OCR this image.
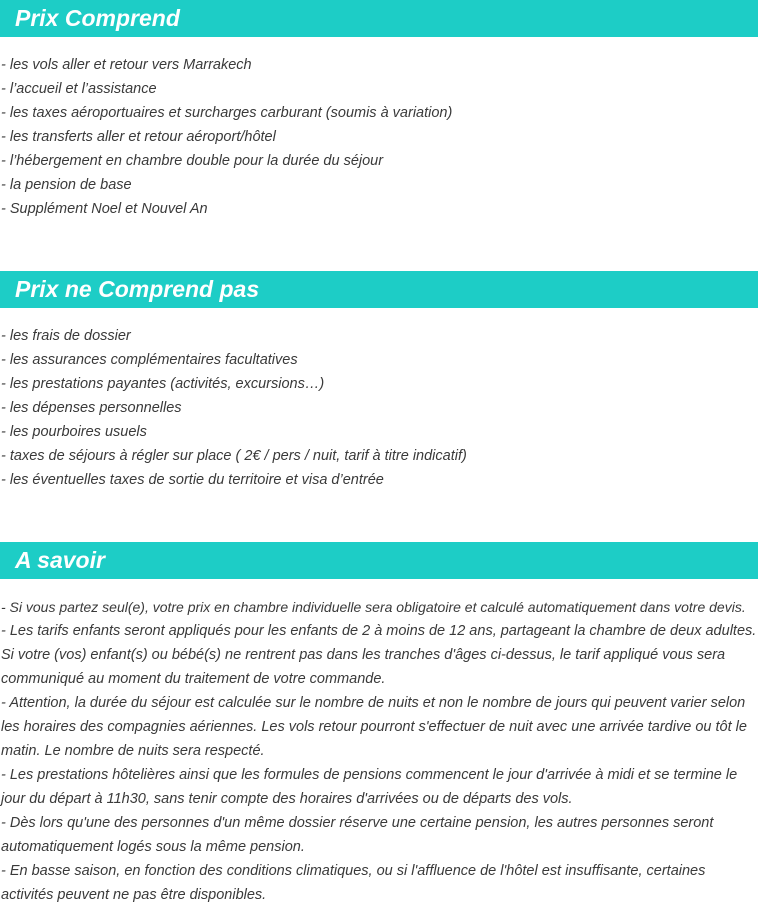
Prix Comprend
- les vols aller et retour vers Marrakech
- l’accueil et l’assistance
- les taxes aéroportuaires et surcharges carburant (soumis à variation)
- les transferts aller et retour aéroport/hôtel
- l’hébergement en chambre double pour la durée du séjour
- la pension de base
- Supplément Noel et Nouvel An
Prix ne Comprend pas
- les frais de dossier
- les assurances complémentaires facultatives
- les prestations payantes (activités, excursions…)
- les dépenses personnelles
- les pourboires usuels
- taxes de séjours à régler sur place ( 2€ / pers / nuit, tarif à titre indicatif)
- les éventuelles taxes de sortie du territoire et visa d’entrée
A savoir
- Si vous partez seul(e), votre prix en chambre individuelle sera obligatoire et calculé automatiquement dans votre devis.
- Les tarifs enfants seront appliqués pour les enfants de 2 à moins de 12 ans, partageant la chambre de deux adultes.
Si votre (vos) enfant(s) ou bébé(s) ne rentrent pas dans les tranches d'âges ci-dessus, le tarif appliqué vous sera communiqué au moment du traitement de votre commande.
- Attention, la durée du séjour est calculée sur le nombre de nuits et non le nombre de jours qui peuvent varier selon les horaires des compagnies aériennes. Les vols retour pourront s'effectuer de nuit avec une arrivée tardive ou tôt le matin. Le nombre de nuits sera respecté.
- Les prestations hôtelières ainsi que les formules de pensions commencent le jour d'arrivée à midi et se termine le jour du départ à 11h30, sans tenir compte des horaires d'arrivées ou de départs des vols.
- Dès lors qu'une des personnes d'un même dossier réserve une certaine pension, les autres personnes seront automatiquement logés sous la même pension.
- En basse saison, en fonction des conditions climatiques, ou si l'affluence de l'hôtel est insuffisante, certaines activités peuvent ne pas être disponibles.
